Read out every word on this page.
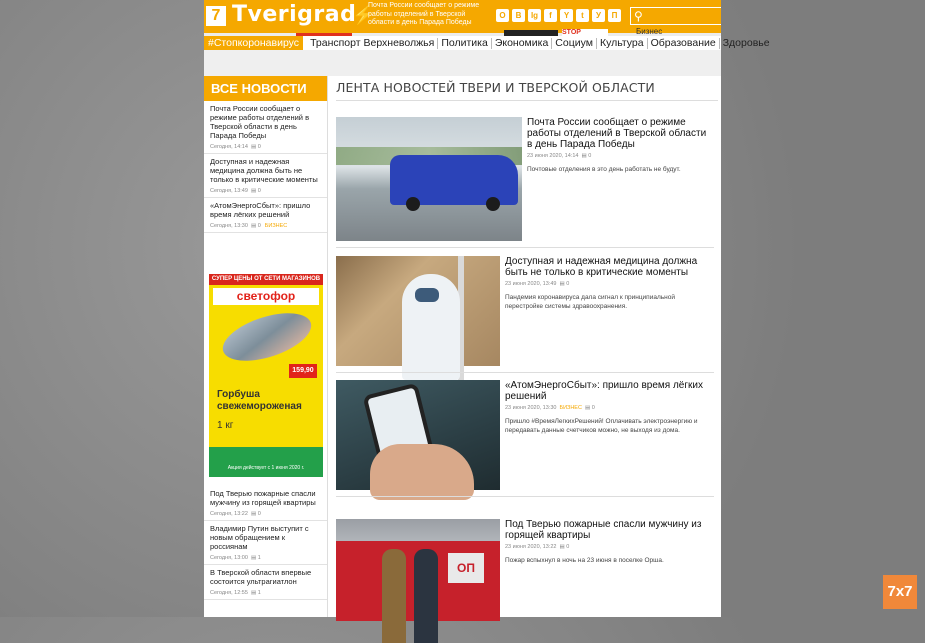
7 Tverigrad
⚡
Почта России сообщает о режиме работы отделений в Тверской области в день Парада Победы
О	В	Ig	f	Y	t	У	П	⚲
STOP	Бизнес
#Стопкоронавирус	Транспорт Верхневолжья Политика Экономика Социум Культура Образование Здоровье
ВСЕ НОВОСТИ
Почта России сообщает о режиме работы отделений в Тверской области в день Парада Победы
Сегодня, 14:14 ▤ 0
Доступная и надежная медицина должна быть не только в критические моменты
Сегодня, 13:49 ▤ 0
«АтомЭнергоСбыт»: пришло время лёгких решений
Сегодня, 13:30 ▤ 0 БИЗНЕС
СУПЕР ЦЕНЫ ОТ СЕТИ МАГАЗИНОВ
светофор
159,90
Горбуша свежемороженая
1 кг
Акция действует с 1 июня 2020 г.
Под Тверью пожарные спасли мужчину из горящей квартиры
Сегодня, 13:22 ▤ 0
Владимир Путин выступит с новым обращением к россиянам
Сегодня, 13:00 ▤ 1
В Тверской области впервые состоится ультрагиатлон
Сегодня, 12:55 ▤ 1
ЛЕНТА НОВОСТЕЙ ТВЕРИ И ТВЕРСКОЙ ОБЛАСТИ
Почта России сообщает о режиме работы отделений в Тверской области в день Парада Победы
23 июня 2020, 14:14 ▤ 0
Почтовые отделения в это день работать не будут.
Доступная и надежная медицина должна быть не только в критические моменты
23 июня 2020, 13:49 ▤ 0
Пандемия коронавируса дала сигнал к принципиальной перестройке системы здравоохранения.
«АтомЭнергоСбыт»: пришло время лёгких решений
23 июня 2020, 13:30 БИЗНЕС ▤ 0
Пришло #ВремяЛегкихРешений! Оплачивать электроэнергию и передавать данные счетчиков можно, не выходя из дома.
ОП
Под Тверью пожарные спасли мужчину из горящей квартиры
23 июня 2020, 13:22 ▤ 0
Пожар вспыхнул в ночь на 23 июня в поселке Орша.
7x7
